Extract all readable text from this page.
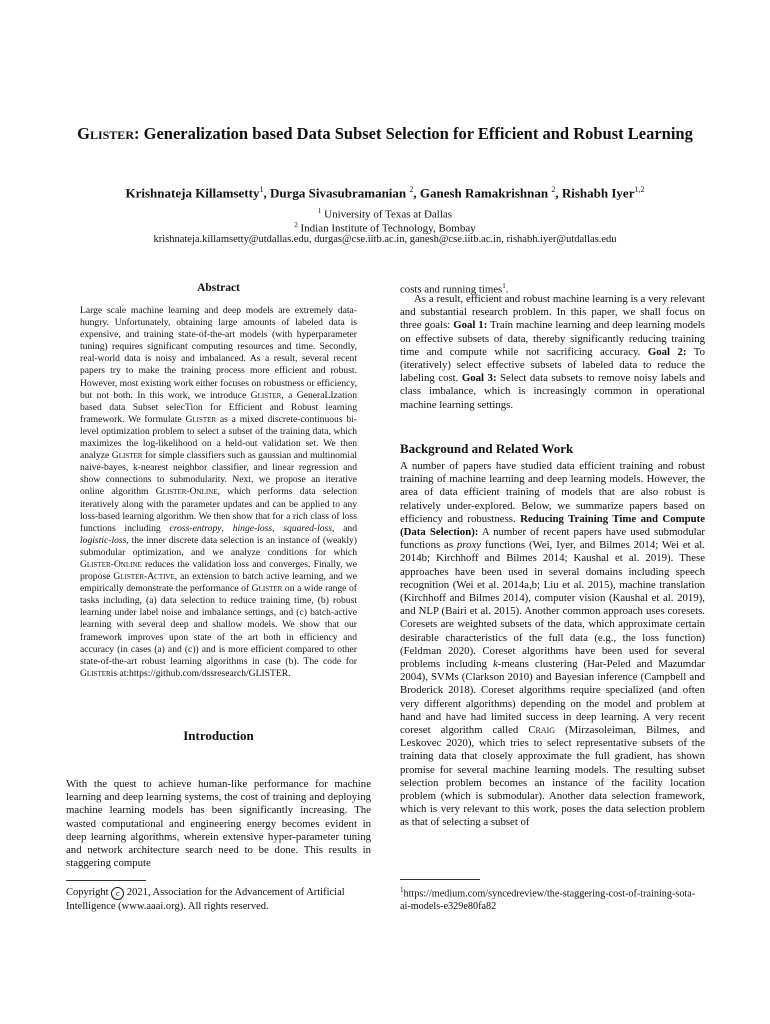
Glister: Generalization based Data Subset Selection for Efficient and Robust Learning
Krishnateja Killamsetty$^1$, Durga Sivasubramanian $^2$, Ganesh Ramakrishnan $^2$, Rishabh Iyer$^{1,2}$
$^1$ University of Texas at Dallas
$^2$ Indian Institute of Technology, Bombay
krishnateja.killamsetty@utdallas.edu, durgas@cse.iitb.ac.in, ganesh@cse.iitb.ac.in, rishabh.iyer@utdallas.edu
Abstract
Large scale machine learning and deep models are extremely data-hungry. Unfortunately, obtaining large amounts of labeled data is expensive, and training state-of-the-art models (with hyperparameter tuning) requires significant computing resources and time. Secondly, real-world data is noisy and imbalanced. As a result, several recent papers try to make the training process more efficient and robust. However, most existing work either focuses on robustness or efficiency, but not both. In this work, we introduce Glister, a GeneraLIzation based data Subset selecTion for Efficient and Robust learning framework. We formulate Glister as a mixed discrete-continuous bi-level optimization problem to select a subset of the training data, which maximizes the log-likelihood on a held-out validation set. We then analyze Glister for simple classifiers such as gaussian and multinomial naive-bayes, k-nearest neighbor classifier, and linear regression and show connections to submodularity. Next, we propose an iterative online algorithm Glister-Online, which performs data selection iteratively along with the parameter updates and can be applied to any loss-based learning algorithm. We then show that for a rich class of loss functions including cross-entropy, hinge-loss, squared-loss, and logistic-loss, the inner discrete data selection is an instance of (weakly) submodular optimization, and we analyze conditions for which Glister-Online reduces the validation loss and converges. Finally, we propose Glister-Active, an extension to batch active learning, and we empirically demonstrate the performance of Glister on a wide range of tasks including, (a) data selection to reduce training time, (b) robust learning under label noise and imbalance settings, and (c) batch-active learning with several deep and shallow models. We show that our framework improves upon state of the art both in efficiency and accuracy (in cases (a) and (c)) and is more efficient compared to other state-of-the-art robust learning algorithms in case (b). The code for Glisteris at:https://github.com/dssresearch/GLISTER.
Introduction
With the quest to achieve human-like performance for machine learning and deep learning systems, the cost of training and deploying machine learning models has been significantly increasing. The wasted computational and engineering energy becomes evident in deep learning algorithms, wherein extensive hyper-parameter tuning and network architecture search need to be done. This results in staggering compute
Copyright c 2021, Association for the Advancement of Artificial Intelligence (www.aaai.org). All rights reserved.
costs and running times$^1$.
As a result, efficient and robust machine learning is a very relevant and substantial research problem. In this paper, we shall focus on three goals: Goal 1: Train machine learning and deep learning models on effective subsets of data, thereby significantly reducing training time and compute while not sacrificing accuracy. Goal 2: To (iteratively) select effective subsets of labeled data to reduce the labeling cost. Goal 3: Select data subsets to remove noisy labels and class imbalance, which is increasingly common in operational machine learning settings.
Background and Related Work
A number of papers have studied data efficient training and robust training of machine learning and deep learning models. However, the area of data efficient training of models that are also robust is relatively under-explored. Below, we summarize papers based on efficiency and robustness. Reducing Training Time and Compute (Data Selection): A number of recent papers have used submodular functions as proxy functions (Wei, Iyer, and Bilmes 2014; Wei et al. 2014b; Kirchhoff and Bilmes 2014; Kaushal et al. 2019). These approaches have been used in several domains including speech recognition (Wei et al. 2014a,b; Liu et al. 2015), machine translation (Kirchhoff and Bilmes 2014), computer vision (Kaushal et al. 2019), and NLP (Bairi et al. 2015). Another common approach uses coresets. Coresets are weighted subsets of the data, which approximate certain desirable characteristics of the full data (e.g., the loss function) (Feldman 2020). Coreset algorithms have been used for several problems including k-means clustering (Har-Peled and Mazumdar 2004), SVMs (Clarkson 2010) and Bayesian inference (Campbell and Broderick 2018). Coreset algorithms require specialized (and often very different algorithms) depending on the model and problem at hand and have had limited success in deep learning. A very recent coreset algorithm called Craig (Mirzasoleiman, Bilmes, and Leskovec 2020), which tries to select representative subsets of the training data that closely approximate the full gradient, has shown promise for several machine learning models. The resulting subset selection problem becomes an instance of the facility location problem (which is submodular). Another data selection framework, which is very relevant to this work, poses the data selection problem as that of selecting a subset of
$^1$https://medium.com/syncedreview/the-staggering-cost-of-training-sota-ai-models-e329e80fa82
